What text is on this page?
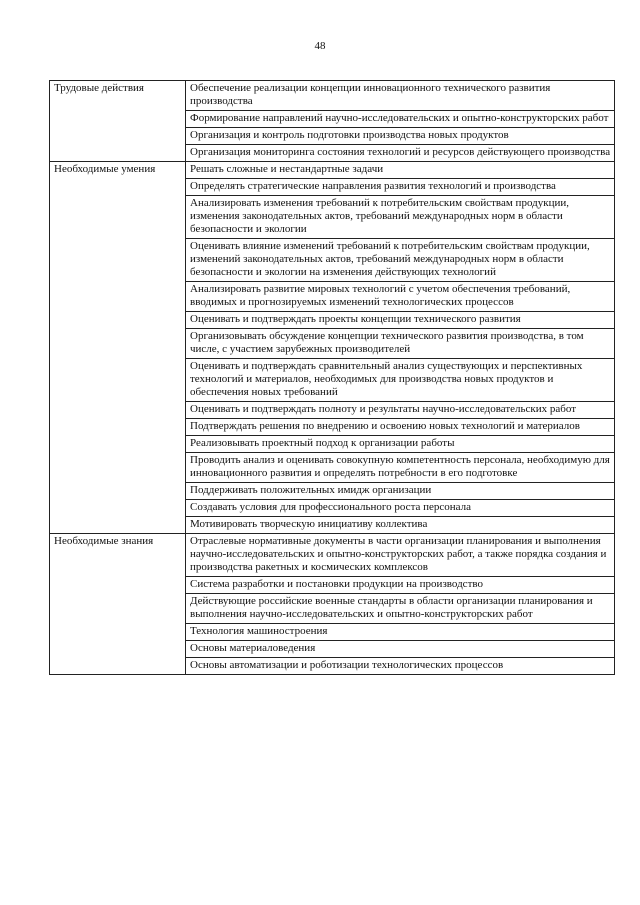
48
Трудовые действия	Обеспечение реализации концепции инновационного технического развития производства
	Формирование направлений научно-исследовательских и опытно-конструкторских работ
	Организация и контроль подготовки производства новых продуктов
	Организация мониторинга состояния технологий и ресурсов действующего производства
Необходимые умения	Решать сложные и нестандартные задачи
	Определять стратегические направления развития технологий и производства
	Анализировать изменения требований к потребительским свойствам продукции, изменения законодательных актов, требований международных норм в области безопасности и экологии
	Оценивать влияние изменений требований к потребительским свойствам продукции, изменений законодательных актов, требований международных норм в области безопасности и экологии на изменения действующих технологий
	Анализировать развитие мировых технологий с учетом обеспечения требований, вводимых и прогнозируемых изменений технологических процессов
	Оценивать и подтверждать проекты концепции технического развития
	Организовывать обсуждение концепции технического развития производства, в том числе, с участием зарубежных производителей
	Оценивать и подтверждать сравнительный анализ существующих и перспективных технологий и материалов, необходимых для производства новых продуктов и обеспечения новых требований
	Оценивать и подтверждать полноту и результаты научно-исследовательских работ
	Подтверждать решения по внедрению и освоению новых технологий и материалов
	Реализовывать проектный подход к организации работы
	Проводить анализ и оценивать совокупную компетентность персонала, необходимую для инновационного развития и определять потребности в его подготовке
	Поддерживать положительных имидж организации
	Создавать условия для профессионального роста персонала
	Мотивировать творческую инициативу коллектива
Необходимые знания	Отраслевые нормативные документы в части организации планирования и выполнения научно-исследовательских и опытно-конструкторских работ, а также порядка создания и производства ракетных и космических комплексов
	Система разработки и постановки продукции на производство
	Действующие российские военные стандарты в области организации планирования и выполнения научно-исследовательских и опытно-конструкторских работ
	Технология машиностроения
	Основы материаловедения
	Основы автоматизации и роботизации технологических процессов
